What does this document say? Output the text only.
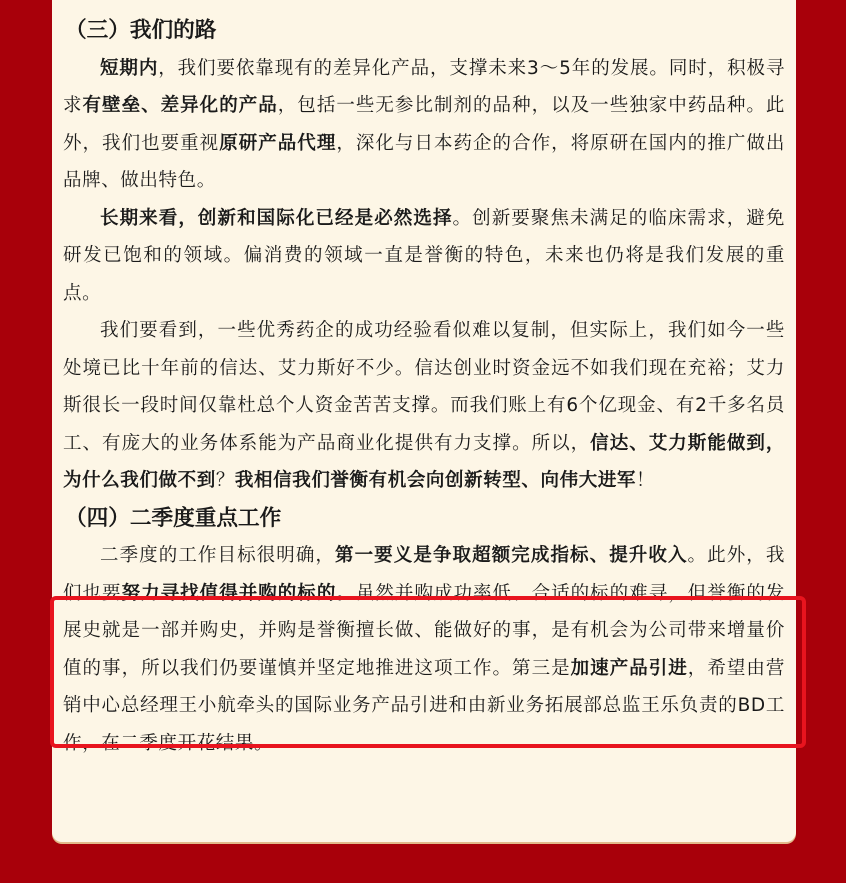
（三）我们的路

短期内，我们要依靠现有的差异化产品，支撑未来3～5年的发展。同时，积极寻求有壁垒、差异化的产品，包括一些无参比制剂的品种，以及一些独家中药品种。此外，我们也要重视原研产品代理，深化与日本药企的合作，将原研在国内的推广做出品牌、做出特色。

长期来看，创新和国际化已经是必然选择。创新要聚焦未满足的临床需求，避免研发已饱和的领域。偏消费的领域一直是誉衡的特色，未来也仍将是我们发展的重点。

我们要看到，一些优秀药企的成功经验看似难以复制，但实际上，我们如今一些处境已比十年前的信达、艾力斯好不少。信达创业时资金远不如我们现在充裕；艾力斯很长一段时间仅靠杜总个人资金苦苦支撑。而我们账上有6个亿现金、有2千多名员工、有庞大的业务体系能为产品商业化提供有力支撑。所以，信达、艾力斯能做到，为什么我们做不到？我相信我们誉衡有机会向创新转型、向伟大进军！

（四）二季度重点工作

二季度的工作目标很明确，第一要义是争取超额完成指标、提升收入。此外，我们也要努力寻找值得并购的标的。虽然并购成功率低、合适的标的难寻，但誉衡的发展史就是一部并购史，并购是誉衡擅长做、能做好的事，是有机会为公司带来增量价值的事，所以我们仍要谨慎并坚定地推进这项工作。第三是加速产品引进，希望由营销中心总经理王小航牵头的国际业务产品引进和由新业务拓展部总监王乐负责的BD工作，在二季度开花结果。
